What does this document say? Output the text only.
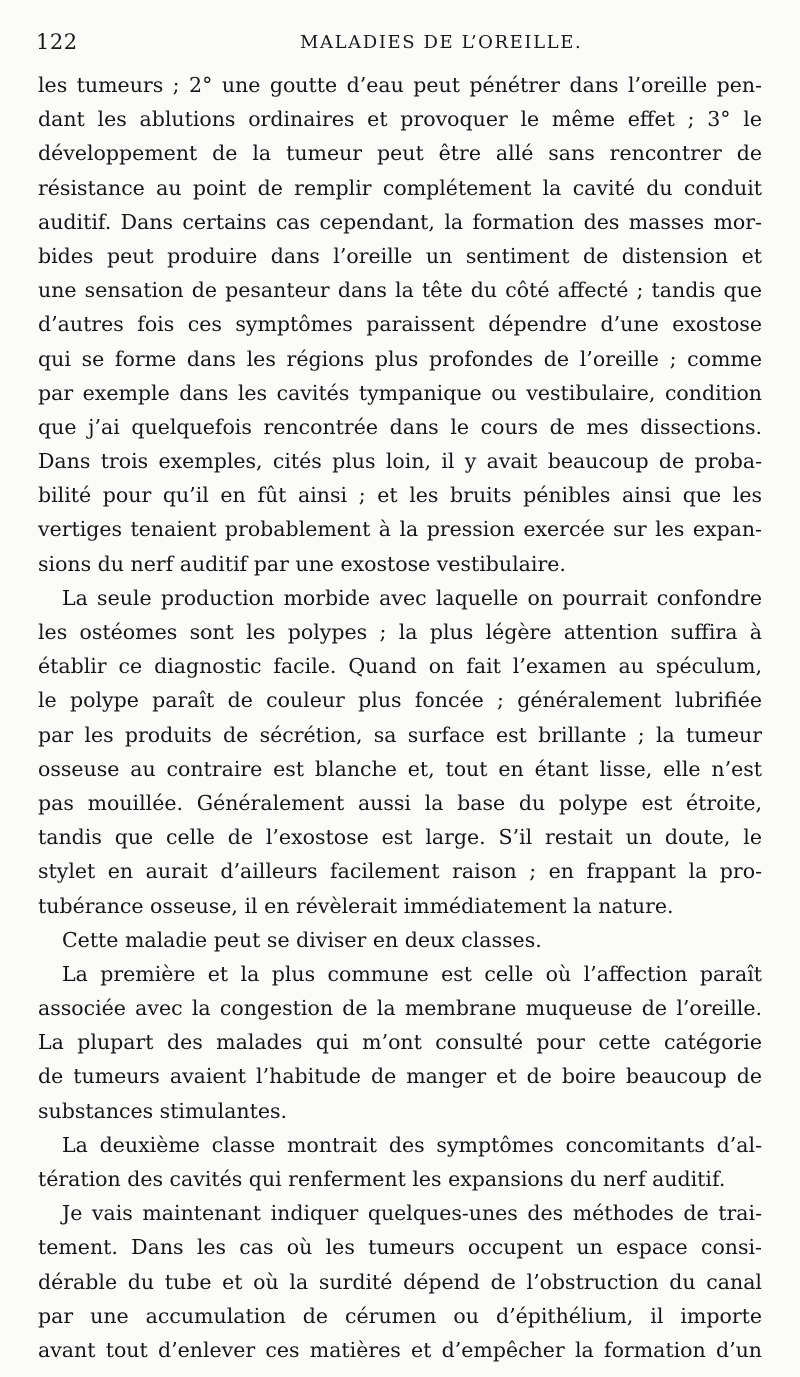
122	MALADIES DE L’OREILLE.
les tumeurs ; 2° une goutte d’eau peut pénétrer dans l’oreille pen-
dant les ablutions ordinaires et provoquer le même effet ; 3° le
développement de la tumeur peut être allé sans rencontrer de
résistance au point de remplir complétement la cavité du conduit
auditif. Dans certains cas cependant, la formation des masses mor-
bides peut produire dans l’oreille un sentiment de distension et
une sensation de pesanteur dans la tête du côté affecté ; tandis que
d’autres fois ces symptômes paraissent dépendre d’une exostose
qui se forme dans les régions plus profondes de l’oreille ; comme
par exemple dans les cavités tympanique ou vestibulaire, condition
que j’ai quelquefois rencontrée dans le cours de mes dissections.
Dans trois exemples, cités plus loin, il y avait beaucoup de proba-
bilité pour qu’il en fût ainsi ; et les bruits pénibles ainsi que les
vertiges tenaient probablement à la pression exercée sur les expan-
sions du nerf auditif par une exostose vestibulaire.
La seule production morbide avec laquelle on pourrait confondre
les ostéomes sont les polypes ; la plus légère attention suffira à
établir ce diagnostic facile. Quand on fait l’examen au spéculum,
le polype paraît de couleur plus foncée ; généralement lubrifiée
par les produits de sécrétion, sa surface est brillante ; la tumeur
osseuse au contraire est blanche et, tout en étant lisse, elle n’est
pas mouillée. Généralement aussi la base du polype est étroite,
tandis que celle de l’exostose est large. S’il restait un doute, le
stylet en aurait d’ailleurs facilement raison ; en frappant la pro-
tubérance osseuse, il en révèlerait immédiatement la nature.
Cette maladie peut se diviser en deux classes.
La première et la plus commune est celle où l’affection paraît
associée avec la congestion de la membrane muqueuse de l’oreille.
La plupart des malades qui m’ont consulté pour cette catégorie
de tumeurs avaient l’habitude de manger et de boire beaucoup de
substances stimulantes.
La deuxième classe montrait des symptômes concomitants d’al-
tération des cavités qui renferment les expansions du nerf auditif.
Je vais maintenant indiquer quelques-unes des méthodes de trai-
tement. Dans les cas où les tumeurs occupent un espace consi-
dérable du tube et où la surdité dépend de l’obstruction du canal
par une accumulation de cérumen ou d’épithélium, il importe
avant tout d’enlever ces matières et d’empêcher la formation d’un
